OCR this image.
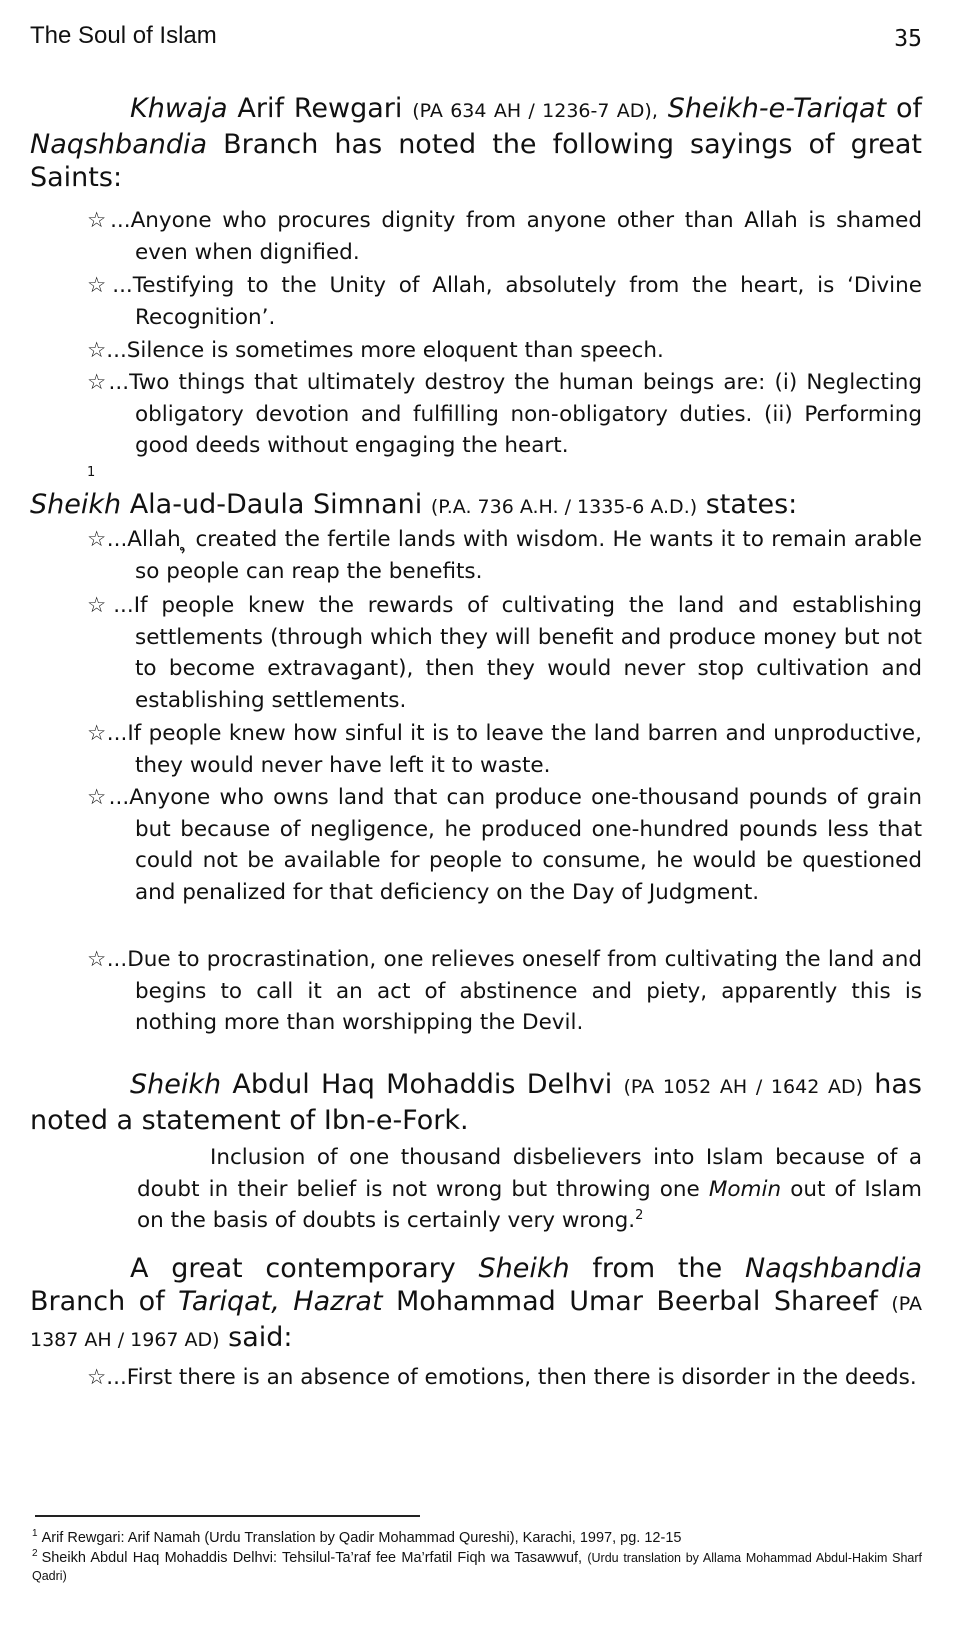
The Soul of Islam	35
Khwaja Arif Rewgari (PA 634 AH / 1236-7 AD), Sheikh-e-Tariqat of Naqshbandia Branch has noted the following sayings of great Saints:
☆...Anyone who procures dignity from anyone other than Allah is shamed even when dignified.
☆...Testifying to the Unity of Allah, absolutely from the heart, is ‘Divine Recognition’.
☆...Silence is sometimes more eloquent than speech.
☆...Two things that ultimately destroy the human beings are: (i) Neglecting obligatory devotion and fulfilling non-obligatory duties. (ii) Performing good deeds without engaging the heart.
$^1$
Sheikh Ala-ud-Daula Simnani (P.A. 736 A.H. / 1335-6 A.D.) states:
☆...Allah ຸ created the fertile lands with wisdom. He wants it to remain arable so people can reap the benefits.
☆...If people knew the rewards of cultivating the land and establishing settlements (through which they will benefit and produce money but not to become extravagant), then they would never stop cultivation and establishing settlements.
☆...If people knew how sinful it is to leave the land barren and unproductive, they would never have left it to waste.
☆...Anyone who owns land that can produce one-thousand pounds of grain but because of negligence, he produced one-hundred pounds less that could not be available for people to consume, he would be questioned and penalized for that deficiency on the Day of Judgment.
☆...Due to procrastination, one relieves oneself from cultivating the land and begins to call it an act of abstinence and piety, apparently this is nothing more than worshipping the Devil.
Sheikh Abdul Haq Mohaddis Delhvi (PA 1052 AH / 1642 AD) has noted a statement of Ibn-e-Fork.
Inclusion of one thousand disbelievers into Islam because of a doubt in their belief is not wrong but throwing one Momin out of Islam on the basis of doubts is certainly very wrong.$^2$
A great contemporary Sheikh from the Naqshbandia Branch of Tariqat, Hazrat Mohammad Umar Beerbal Shareef (PA 1387 AH / 1967 AD) said:
☆...First there is an absence of emotions, then there is disorder in the deeds.
$^1$ Arif Rewgari: Arif Namah (Urdu Translation by Qadir Mohammad Qureshi), Karachi, 1997, pg. 12-15
$^2$ Sheikh Abdul Haq Mohaddis Delhvi: Tehsilul-Ta’raf fee Ma’rfatil Fiqh wa Tasawwuf, (Urdu translation by Allama Mohammad Abdul-Hakim Sharf Qadri)
